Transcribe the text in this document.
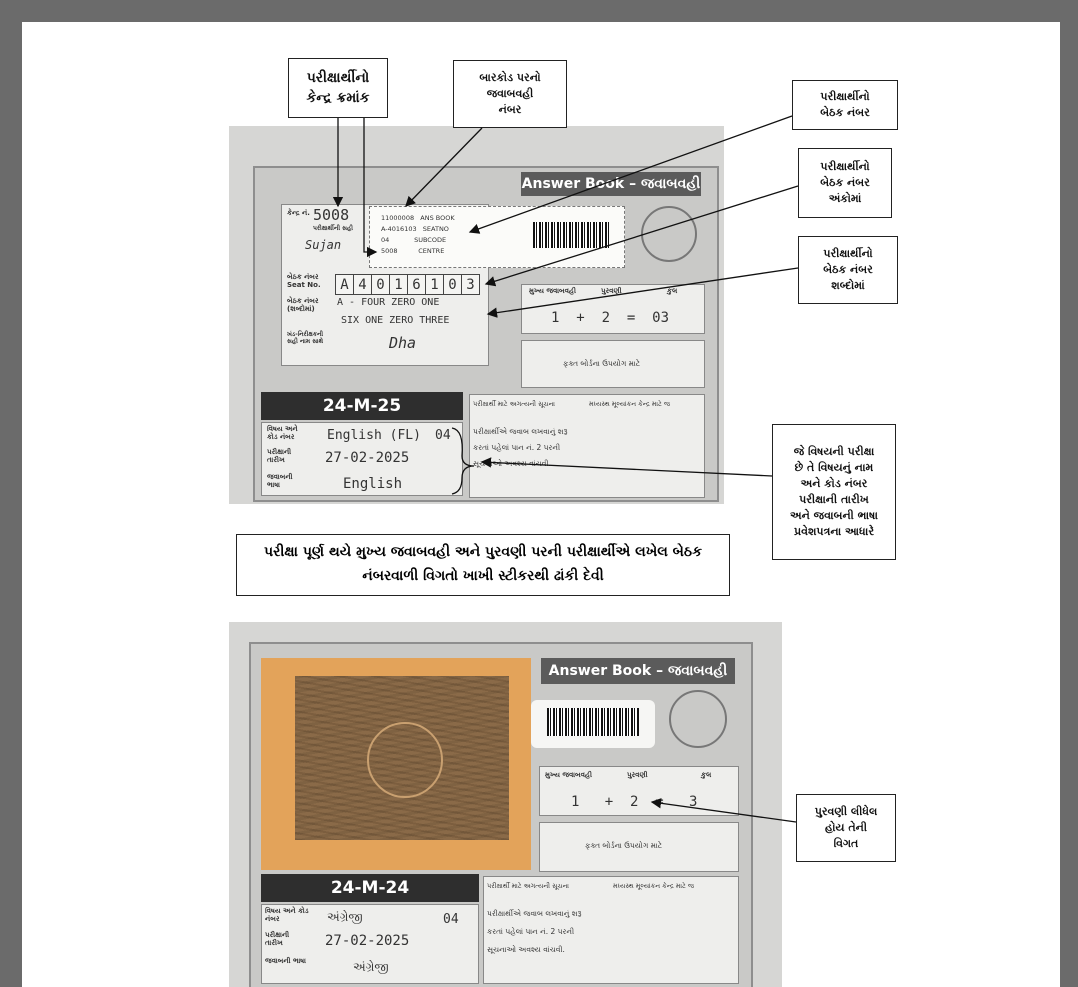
Answer Book – જવાબવહી
કેન્દ્ર નં. 5008
પરીક્ષાર્થીની સહી
Sujan
બેઠક નંબર Seat No.	A 4 0 1 6 1 0 3
બેઠક નંબર (શબ્દોમાં)
A - FOUR ZERO ONE
SIX ONE ZERO THREE
ખંડ-નિરીક્ષકની સહી નામ સાથે	Dha
11000008   ANS BOOK
A-4016103   SEATNO
04            SUBCODE
5008          CENTRE
મુખ્ય જવાબવહી	પુરવણી	કુલ
1  +  2  =  03
ફક્ત બોર્ડના ઉપયોગ માટે
24-M-25
વિષય અને કોડ નંબર	English (FL) 04
પરીક્ષાની તારીખ	27-02-2025
જવાબની ભાષા	English
પરીક્ષાર્થી માટે અગત્યની સૂચના	મધ્યસ્થ મૂલ્યાંકન કેન્દ્ર માટે જ
પરીક્ષાર્થીએ જવાબ લખવાનું શરૂ
કરતાં પહેલાં પાન નં. 2 પરની
સૂચનાઓ અવશ્ય વાંચવી.
Answer Book – જવાબવહી
મુખ્ય જવાબવહી	પુરવણી	કુલ
1   +  2  =   3
ફક્ત બોર્ડના ઉપયોગ માટે
24-M-24
વિષય અને કોડ નંબર	અંગ્રેજી	04
પરીક્ષાની તારીખ	27-02-2025
જવાબની ભાષા	અંગ્રેજી
પરીક્ષાર્થી માટે અગત્યની સૂચના	મધ્યસ્થ મૂલ્યાંકન કેન્દ્ર માટે જ
પરીક્ષાર્થીએ જવાબ લખવાનું શરૂ
કરતાં પહેલાં પાન નં. 2 પરની
સૂચનાઓ અવશ્ય વાંચવી.
પરીક્ષાર્થીનો
કેન્દ્ર ક્રમાંક
બારકોડ પરનો
જવાબવહી
નંબર
પરીક્ષાર્થીનો
બેઠક નંબર
પરીક્ષાર્થીનો
બેઠક નંબર
અંકોમાં
પરીક્ષાર્થીનો
બેઠક નંબર
શબ્દોમાં
જે વિષયની પરીક્ષા
છે તે વિષયનું નામ
અને કોડ નંબર
પરીક્ષાની તારીખ
અને જવાબની ભાષા
પ્રવેશપત્રના આધારે
પરીક્ષા પૂર્ણ થયે મુખ્ય જવાબવહી અને પુરવણી પરની પરીક્ષાર્થીએ લખેલ બેઠક
નંબરવાળી વિગતો ખાખી સ્ટીકરથી ઢાંકી દેવી
પુરવણી લીધેલ
હોય તેની
વિગત
